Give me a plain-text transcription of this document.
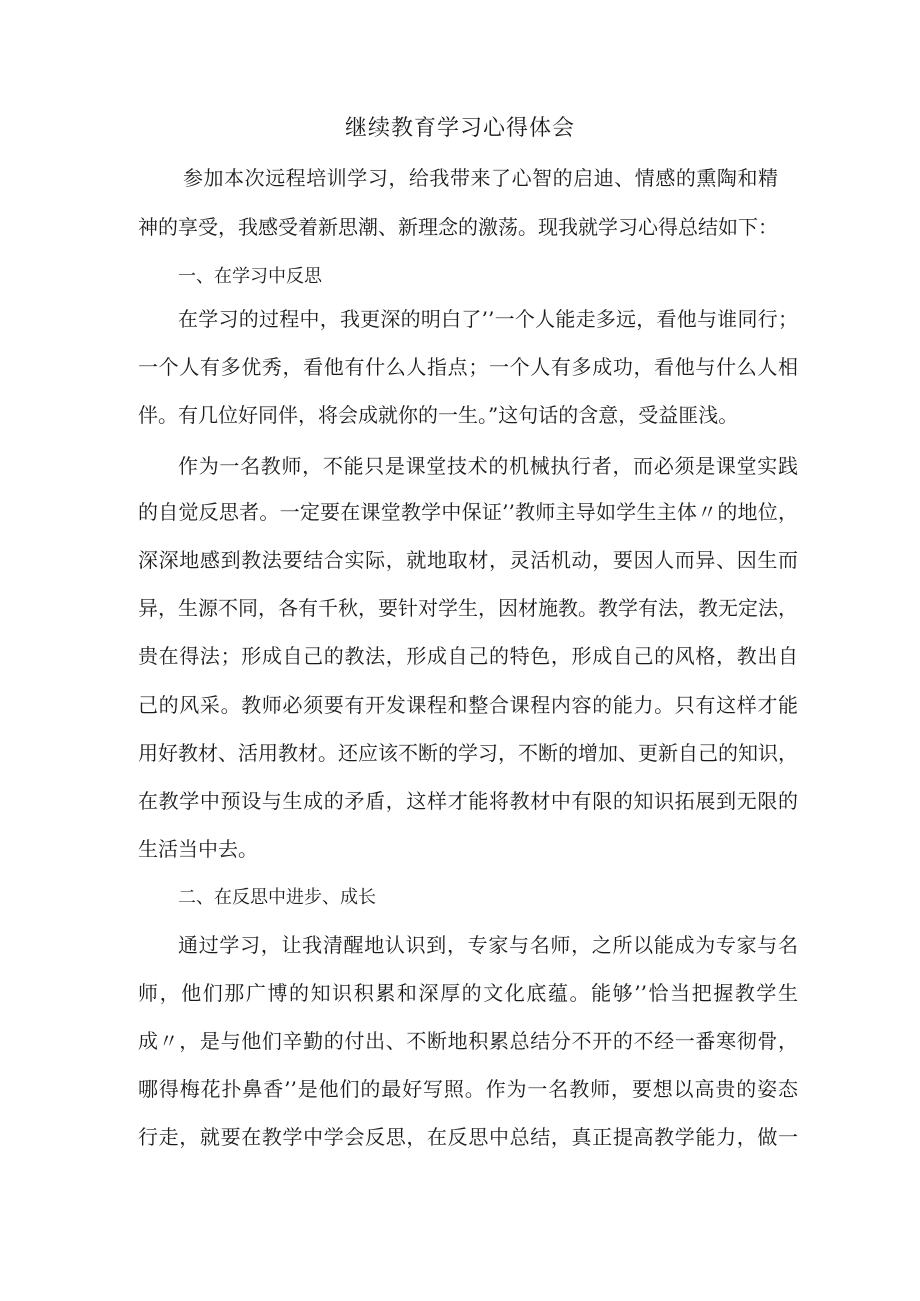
继续教育学习心得体会

参加本次远程培训学习，给我带来了心智的启迪、情感的熏陶和精

神的享受，我感受着新思潮、新理念的激荡。现我就学习心得总结如下：

一、在学习中反思

在学习的过程中，我更深的明白了’’一个人能走多远，看他与谁同行；

一个人有多优秀，看他有什么人指点；一个人有多成功，看他与什么人相

伴。有几位好同伴，将会成就你的一生。”这句话的含意，受益匪浅。

作为一名教师，不能只是课堂技术的机械执行者，而必须是课堂实践

的自觉反思者。一定要在课堂教学中保证’’教师主导如学生主体〃的地位，

深深地感到教法要结合实际，就地取材，灵活机动，要因人而异、因生而

异，生源不同，各有千秋，要针对学生，因材施教。教学有法，教无定法，

贵在得法；形成自己的教法，形成自己的特色，形成自己的风格，教出自

己的风采。教师必须要有开发课程和整合课程内容的能力。只有这样才能

用好教材、活用教材。还应该不断的学习，不断的增加、更新自己的知识，

在教学中预设与生成的矛盾，这样才能将教材中有限的知识拓展到无限的

生活当中去。

二、在反思中进步、成长

通过学习，让我清醒地认识到，专家与名师，之所以能成为专家与名

师，他们那广博的知识积累和深厚的文化底蕴。能够’’恰当把握教学生

成〃，是与他们辛勤的付出、不断地积累总结分不开的不经一番寒彻骨，

哪得梅花扑鼻香’’是他们的最好写照。作为一名教师，要想以高贵的姿态

行走，就要在教学中学会反思，在反思中总结，真正提高教学能力，做一
